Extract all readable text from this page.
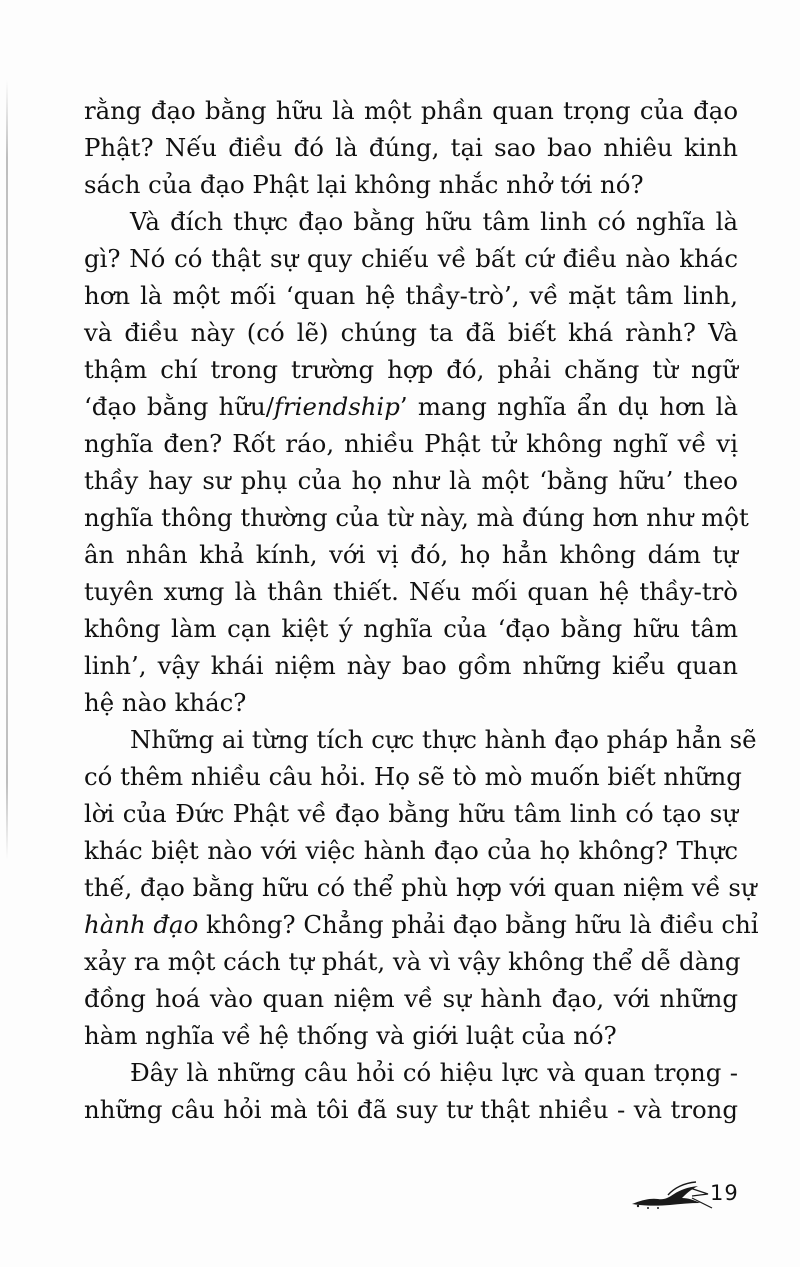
rằng đạo bằng hữu là một phần quan trọng của đạo
Phật? Nếu điều đó là đúng, tại sao bao nhiêu kinh
sách của đạo Phật lại không nhắc nhở tới nó?
Và đích thực đạo bằng hữu tâm linh có nghĩa là
gì? Nó có thật sự quy chiếu về bất cứ điều nào khác
hơn là một mối ‘quan hệ thầy-trò’, về mặt tâm linh,
và điều này (có lẽ) chúng ta đã biết khá rành? Và
thậm chí trong trường hợp đó, phải chăng từ ngữ
‘đạo bằng hữu/friendship’ mang nghĩa ẩn dụ hơn là
nghĩa đen? Rốt ráo, nhiều Phật tử không nghĩ về vị
thầy hay sư phụ của họ như là một ‘bằng hữu’ theo
nghĩa thông thường của từ này, mà đúng hơn như một
ân nhân khả kính, với vị đó, họ hẳn không dám tự
tuyên xưng là thân thiết. Nếu mối quan hệ thầy-trò
không làm cạn kiệt ý nghĩa của ‘đạo bằng hữu tâm
linh’, vậy khái niệm này bao gồm những kiểu quan
hệ nào khác?
Những ai từng tích cực thực hành đạo pháp hẳn sẽ
có thêm nhiều câu hỏi. Họ sẽ tò mò muốn biết những
lời của Đức Phật về đạo bằng hữu tâm linh có tạo sự
khác biệt nào với việc hành đạo của họ không? Thực
thế, đạo bằng hữu có thể phù hợp với quan niệm về sự
hành đạo không? Chẳng phải đạo bằng hữu là điều chỉ
xảy ra một cách tự phát, và vì vậy không thể dễ dàng
đồng hoá vào quan niệm về sự hành đạo, với những
hàm nghĩa về hệ thống và giới luật của nó?
Đây là những câu hỏi có hiệu lực và quan trọng -
những câu hỏi mà tôi đã suy tư thật nhiều - và trong
19
